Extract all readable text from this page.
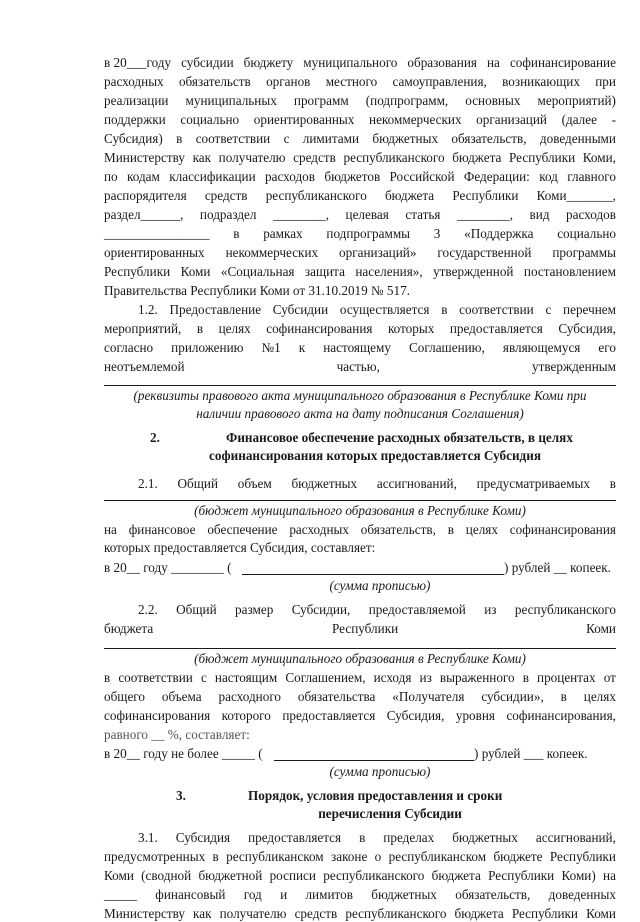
в 20___году субсидии бюджету муниципального образования на софинансирование
расходных обязательств органов местного самоуправления, возникающих при
реализации муниципальных программ (подпрограмм, основных мероприятий)
поддержки социально ориентированных некоммерческих организаций (далее -
Субсидия) в соответствии с лимитами бюджетных обязательств, доведенными
Министерству как получателю средств республиканского бюджета Республики Коми,
по кодам классификации расходов бюджетов Российской Федерации: код главного
распорядителя средств республиканского бюджета Республики Коми_______,
раздел______, подраздел ________, целевая статья ________, вид расходов
________________ в рамках подпрограммы 3 «Поддержка социально
ориентированных некоммерческих организаций» государственной программы
Республики Коми «Социальная защита населения», утвержденной постановлением
Правительства Республики Коми от 31.10.2019 № 517.
1.2. Предоставление Субсидии осуществляется в соответствии с перечнем
мероприятий, в целях софинансирования которых предоставляется Субсидия,
согласно приложению №1 к настоящему Соглашению, являющемуся его
неотъемлемой	частью,	утвержденным
(реквизиты правового акта муниципального образования в Республике Коми при
наличии правового акта на дату подписания Соглашения)
2.	Финансовое обеспечение расходных обязательств, в целях
софинансирования которых предоставляется Субсидия
2.1. Общий объем бюджетных ассигнований, предусматриваемых в
(бюджет муниципального образования в Республике Коми)
на финансовое обеспечение расходных обязательств, в целях софинансирования
которых предоставляется Субсидия, составляет:
в 20__ году ________ (	) рублей __ копеек.
(сумма прописью)
2.2. Общий размер Субсидии, предоставляемой из республиканского
бюджета	Республики	Коми
(бюджет муниципального образования в Республике Коми)
в соответствии с настоящим Соглашением, исходя из выраженного в процентах от
общего объема расходного обязательства «Получателя субсидии», в целях
софинансирования которого предоставляется Субсидия, уровня софинансирования,
равного __ %, составляет:
в 20__ году не более _____ (	) рублей ___ копеек.
(сумма прописью)
3.	Порядок, условия предоставления и сроки
перечисления Субсидии
3.1. Субсидия предоставляется в пределах бюджетных ассигнований,
предусмотренных в республиканском законе о республиканском бюджете Республики
Коми (сводной бюджетной росписи республиканского бюджета Республики Коми) на
_____ финансовый год и лимитов бюджетных обязательств, доведенных
Министерству как получателю средств республиканского бюджета Республики Коми
